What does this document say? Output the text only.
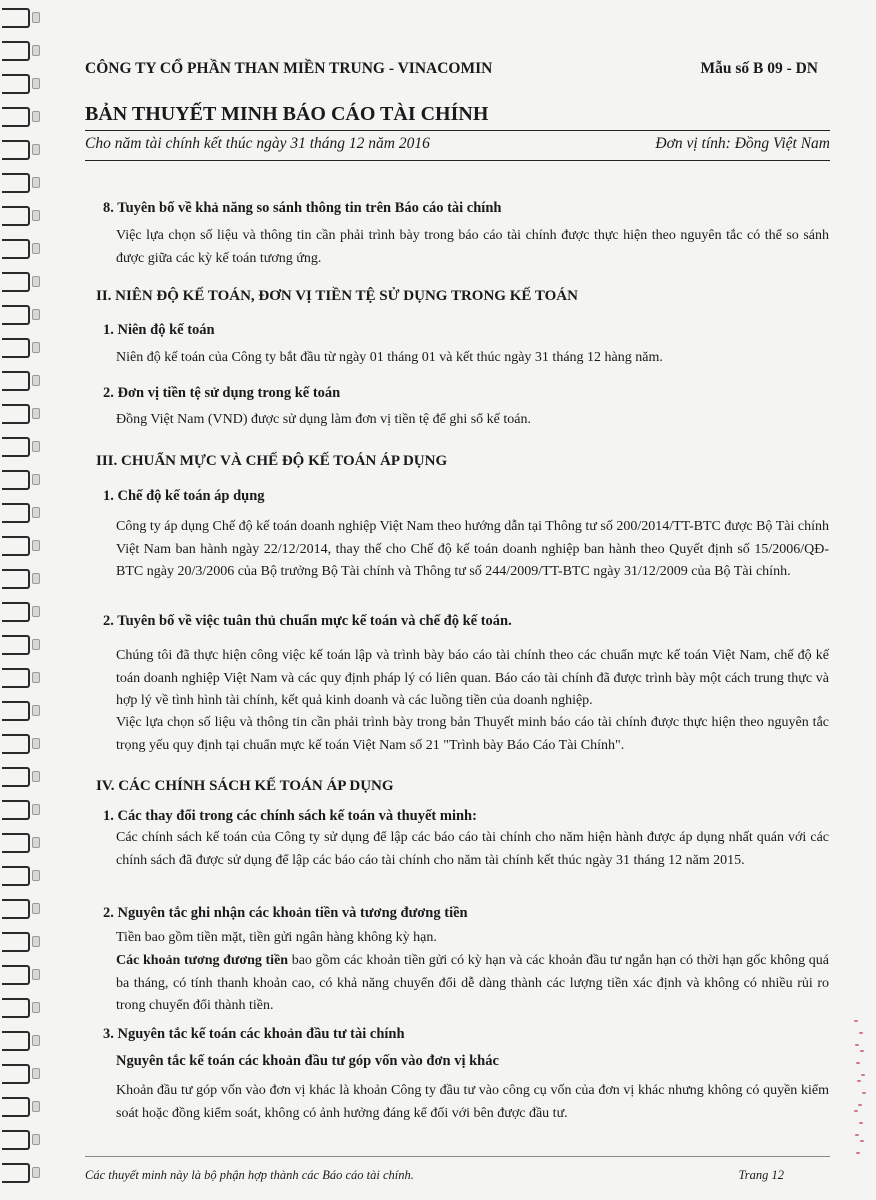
CÔNG TY CỔ PHẦN THAN MIỀN TRUNG - VINACOMIN	Mẫu số B 09 - DN
BẢN THUYẾT MINH BÁO CÁO TÀI CHÍNH
Cho năm tài chính kết thúc ngày 31 tháng 12 năm 2016	Đơn vị tính: Đồng Việt Nam
8. Tuyên bố về khả năng so sánh thông tin trên Báo cáo tài chính
Việc lựa chọn số liệu và thông tin cần phải trình bày trong báo cáo tài chính được thực hiện theo nguyên tắc có thể so sánh được giữa các kỳ kế toán tương ứng.
II. NIÊN ĐỘ KẾ TOÁN, ĐƠN VỊ TIỀN TỆ SỬ DỤNG TRONG KẾ TOÁN
1. Niên độ kế toán
Niên độ kế toán của Công ty bắt đầu từ ngày 01 tháng 01 và kết thúc ngày 31 tháng 12 hàng năm.
2. Đơn vị tiền tệ sử dụng trong kế toán
Đồng Việt Nam (VND) được sử dụng làm đơn vị tiền tệ để ghi sổ kế toán.
III. CHUẨN MỰC VÀ CHẾ ĐỘ KẾ TOÁN ÁP DỤNG
1. Chế độ kế toán áp dụng
Công ty áp dụng Chế độ kế toán doanh nghiệp Việt Nam theo hướng dẫn tại Thông tư số 200/2014/TT-BTC được Bộ Tài chính Việt Nam ban hành ngày 22/12/2014, thay thế cho Chế độ kế toán doanh nghiệp ban hành theo Quyết định số 15/2006/QĐ-BTC ngày 20/3/2006 của Bộ trưởng Bộ Tài chính và Thông tư số 244/2009/TT-BTC ngày 31/12/2009 của Bộ Tài chính.
2. Tuyên bố về việc tuân thủ chuẩn mực kế toán và chế độ kế toán.
Chúng tôi đã thực hiện công việc kế toán lập và trình bày báo cáo tài chính theo các chuẩn mực kế toán Việt Nam, chế độ kế toán doanh nghiệp Việt Nam và các quy định pháp lý có liên quan. Báo cáo tài chính đã được trình bày một cách trung thực và hợp lý về tình hình tài chính, kết quả kinh doanh và các luồng tiền của doanh nghiệp.
Việc lựa chọn số liệu và thông tin cần phải trình bày trong bản Thuyết minh báo cáo tài chính được thực hiện theo nguyên tắc trọng yếu quy định tại chuẩn mực kế toán Việt Nam số 21 "Trình bày Báo Cáo Tài Chính".
IV. CÁC CHÍNH SÁCH KẾ TOÁN ÁP DỤNG
1. Các thay đổi trong các chính sách kế toán và thuyết minh:
Các chính sách kế toán của Công ty sử dụng để lập các báo cáo tài chính cho năm hiện hành được áp dụng nhất quán với các chính sách đã được sử dụng để lập các báo cáo tài chính cho năm tài chính kết thúc ngày 31 tháng 12 năm 2015.
2. Nguyên tắc ghi nhận các khoản tiền và tương đương tiền
Tiền bao gồm tiền mặt, tiền gửi ngân hàng không kỳ hạn.
Các khoản tương đương tiền bao gồm các khoản tiền gửi có kỳ hạn và các khoản đầu tư ngắn hạn có thời hạn gốc không quá ba tháng, có tính thanh khoản cao, có khả năng chuyển đổi dễ dàng thành các lượng tiền xác định và không có nhiều rủi ro trong chuyển đổi thành tiền.
3. Nguyên tắc kế toán các khoản đầu tư tài chính
Nguyên tắc kế toán các khoản đầu tư góp vốn vào đơn vị khác
Khoản đầu tư góp vốn vào đơn vị khác là khoản Công ty đầu tư vào công cụ vốn của đơn vị khác nhưng không có quyền kiểm soát hoặc đồng kiểm soát, không có ảnh hưởng đáng kể đối với bên được đầu tư.
Các thuyết minh này là bộ phận hợp thành các Báo cáo tài chính.	Trang 12
